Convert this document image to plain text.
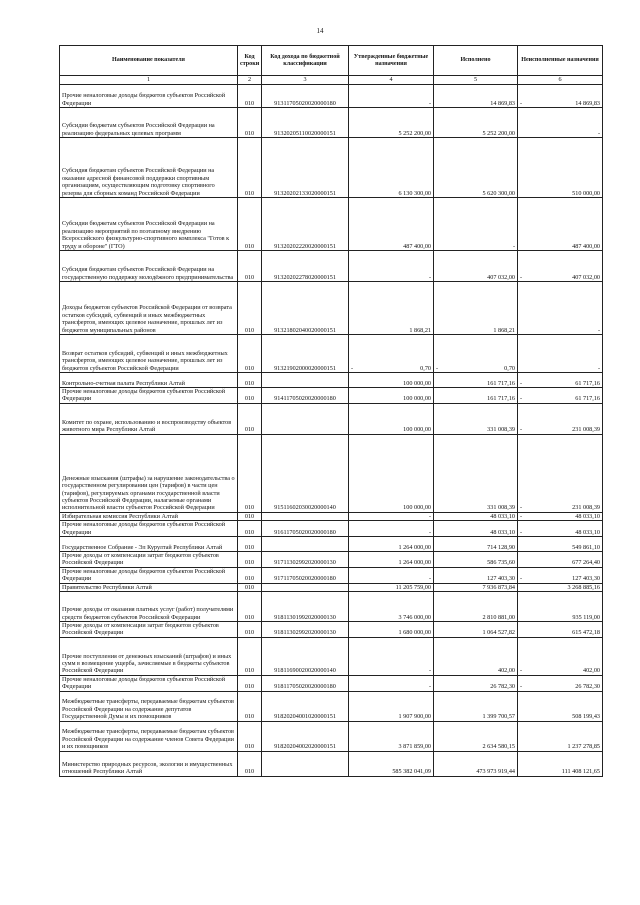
14
Наименование показателя	Код строки	Код дохода по бюджетной классификации	Утвержденные бюджетные назначения	Исполнено	Неисполненные назначения
1	2	3	4	5	6
Прочие неналоговые доходы бюджетов субъектов Российской Федерации	010	91311705020020000180	-	14 869,83	- 14 869,83
Субсидии бюджетам субъектов Российской Федерации на реализацию федеральных целевых программ	010	91320205110020000151	5 252 200,00	5 252 200,00	-
Субсидия бюджетам субъектов Российской Федерации на оказание адресной финансовой поддержки спортивным организациям, осуществляющим подготовку спортивного резерва для сборных команд Российской Федерации	010	91320202133020000151	6 130 300,00	5 620 300,00	510 000,00
Субсидии бюджетам субъектов Российской Федерации на реализацию мероприятий по поэтапному внедрению Всероссийского физкультурно-спортивного комплекса "Готов к труду и обороне" (ГТО)	010	91320202220020000151	487 400,00	-	487 400,00
Субсидия бюджетам субъектов Российской Федерации на государственную поддержку молодёжного предпринимательства	010	91320202278020000151	-	407 032,00	- 407 032,00
Доходы бюджетов субъектов Российской Федерации от возврата остатков субсидий, субвенций и иных межбюджетных трансфертов, имеющих целевое назначение, прошлых лет из бюджетов муниципальных районов	010	91321802040020000151	1 868,21	1 868,21	-
Возврат остатков субсидий, субвенций и иных межбюджетных трансфертов, имеющих целевое назначение, прошлых лет из бюджетов субъектов Российской Федерации	010	91321902000020000151	- 0,70	- 0,70	-
Контрольно-счетная палата Республики Алтай	010		100 000,00	161 717,16	- 61 717,16
Прочие неналоговые доходы бюджетов субъектов Российской Федерации	010	91411705020020000180	100 000,00	161 717,16	- 61 717,16
Комитет по охране, использованию и воспроизводству объектов животного мира Республики Алтай	010		100 000,00	331 008,39	- 231 008,39
Денежные взыскания (штрафы) за нарушение законодательства о государственном регулировании цен (тарифов) в части цен (тарифов), регулируемых органами государственной власти субъектов Российской Федерации, налагаемые органами исполнительной власти субъектов Российской Федерации	010	91511602030020000140	100 000,00	331 008,39	- 231 008,39
Избирательная комиссия Республики Алтай	010		-	48 033,10	- 48 033,10
Прочие неналоговые доходы бюджетов субъектов Российской Федерации	010	91611705020020000180	-	48 033,10	- 48 033,10
Государственное Собрание - Эл Курултай Республики Алтай	010		1 264 000,00	714 128,90	549 861,10
Прочие доходы от компенсации затрат бюджетов субъектов Российской Федерации	010	91711302992020000130	1 264 000,00	586 735,60	677 264,40
Прочие неналоговые доходы бюджетов субъектов Российской Федерации	010	91711705020020000180	-	127 403,30	- 127 403,30
Правительство Республики Алтай	010		11 205 759,00	7 936 873,84	3 268 885,16
Прочие доходы от оказания платных услуг (работ) получателями средств бюджетов субъектов Российской Федерации	010	91811301992020000130	3 746 000,00	2 810 881,00	935 119,00
Прочие доходы от компенсации затрат бюджетов субъектов Российской Федерации	010	91811302992020000130	1 680 000,00	1 064 527,82	615 472,18
Прочие поступления от денежных взысканий (штрафов) и иных сумм в возмещение ущерба, зачисляемые в бюджеты субъектов Российской Федерации	010	91811690020020000140	-	402,00	- 402,00
Прочие неналоговые доходы бюджетов субъектов Российской Федерации	010	91811705020020000180	-	26 782,30	- 26 782,30
Межбюджетные трансферты, передаваемые бюджетам субъектов Российской Федерации на содержание депутатов Государственной Думы и их помощников	010	91820204001020000151	1 907 900,00	1 399 700,57	508 199,43
Межбюджетные трансферты, передаваемые бюджетам субъектов Российской Федерации на содержание членов Совета Федерации и их помощников	010	91820204002020000151	3 871 859,00	2 634 580,15	1 237 278,85
Министерство природных ресурсов, экологии и имущественных отношений Республики Алтай	010		585 382 041,09	473 973 919,44	111 408 121,65
